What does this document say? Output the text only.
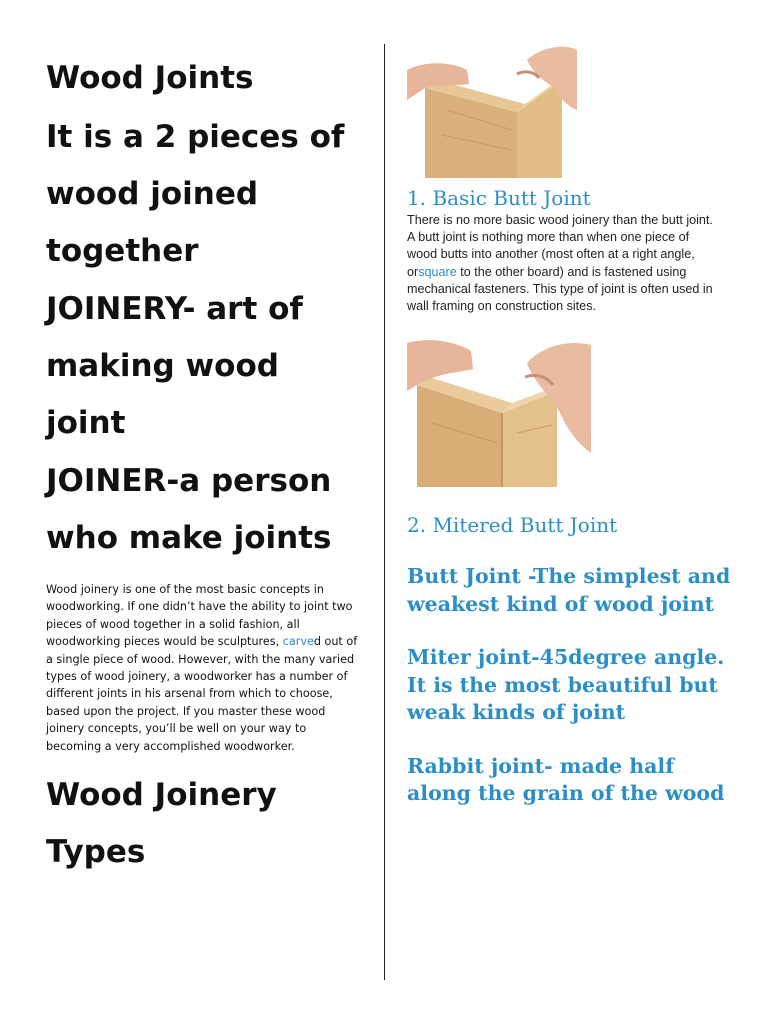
Wood Joints
It is a 2 pieces of wood joined together
JOINERY- art of making wood joint
JOINER-a person who make joints
Wood joinery is one of the most basic concepts in woodworking. If one didn’t have the ability to joint two pieces of wood together in a solid fashion, all woodworking pieces would be sculptures, carved out of a single piece of wood. However, with the many varied types of wood joinery, a woodworker has a number of different joints in his arsenal from which to choose, based upon the project. If you master these wood joinery concepts, you’ll be well on your way to becoming a very accomplished woodworker.
Wood Joinery Types
1. Basic Butt Joint
There is no more basic wood joinery than the butt joint. A butt joint is nothing more than when one piece of wood butts into another (most often at a right angle, orsquare to the other board) and is fastened using mechanical fasteners. This type of joint is often used in wall framing on construction sites.
2. Mitered Butt Joint
Butt Joint -The simplest and weakest kind of wood joint
Miter joint-45degree angle. It is the most beautiful but weak kinds of joint
Rabbit joint- made half along the grain of the wood
